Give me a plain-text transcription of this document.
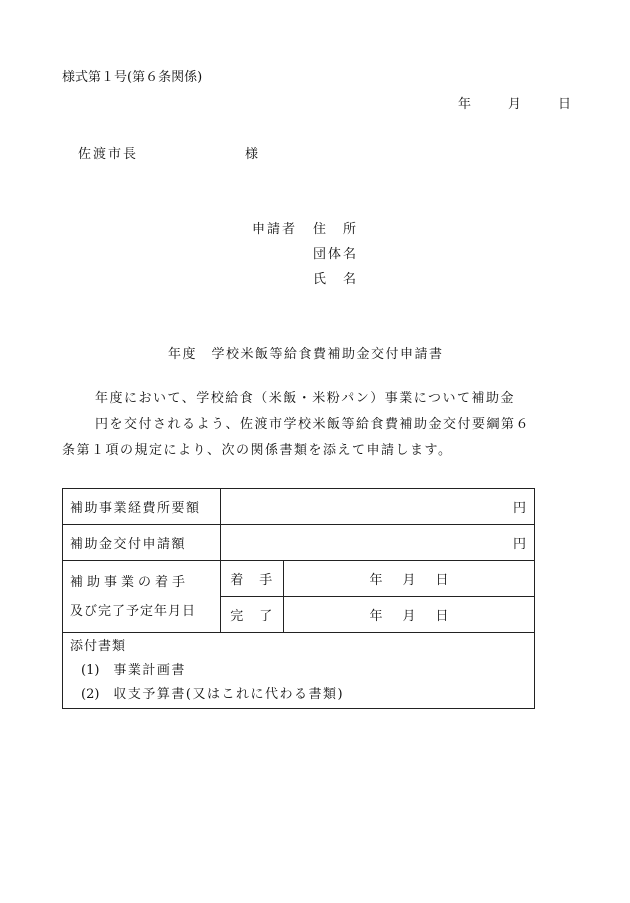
様式第１号(第６条関係)
年	月	日
佐渡市長	様
申請者 住　所
団体名
氏　名
年度　学校米飯等給食費補助金交付申請書
年度において、学校給食（米飯・米粉パン）事業について補助金
円を交付されるよう、佐渡市学校米飯等給食費補助金交付要綱第６
条第１項の規定により、次の関係書類を添えて申請します。
補助事業経費所要額	円	
補助金交付申請額	円	

補助事業の着手
及び完了予定年月日	着　手	年 月 日
	完　了	年 月 日

添付書類
(1) 事業計画書
(2) 収支予算書(又はこれに代わる書類)		
